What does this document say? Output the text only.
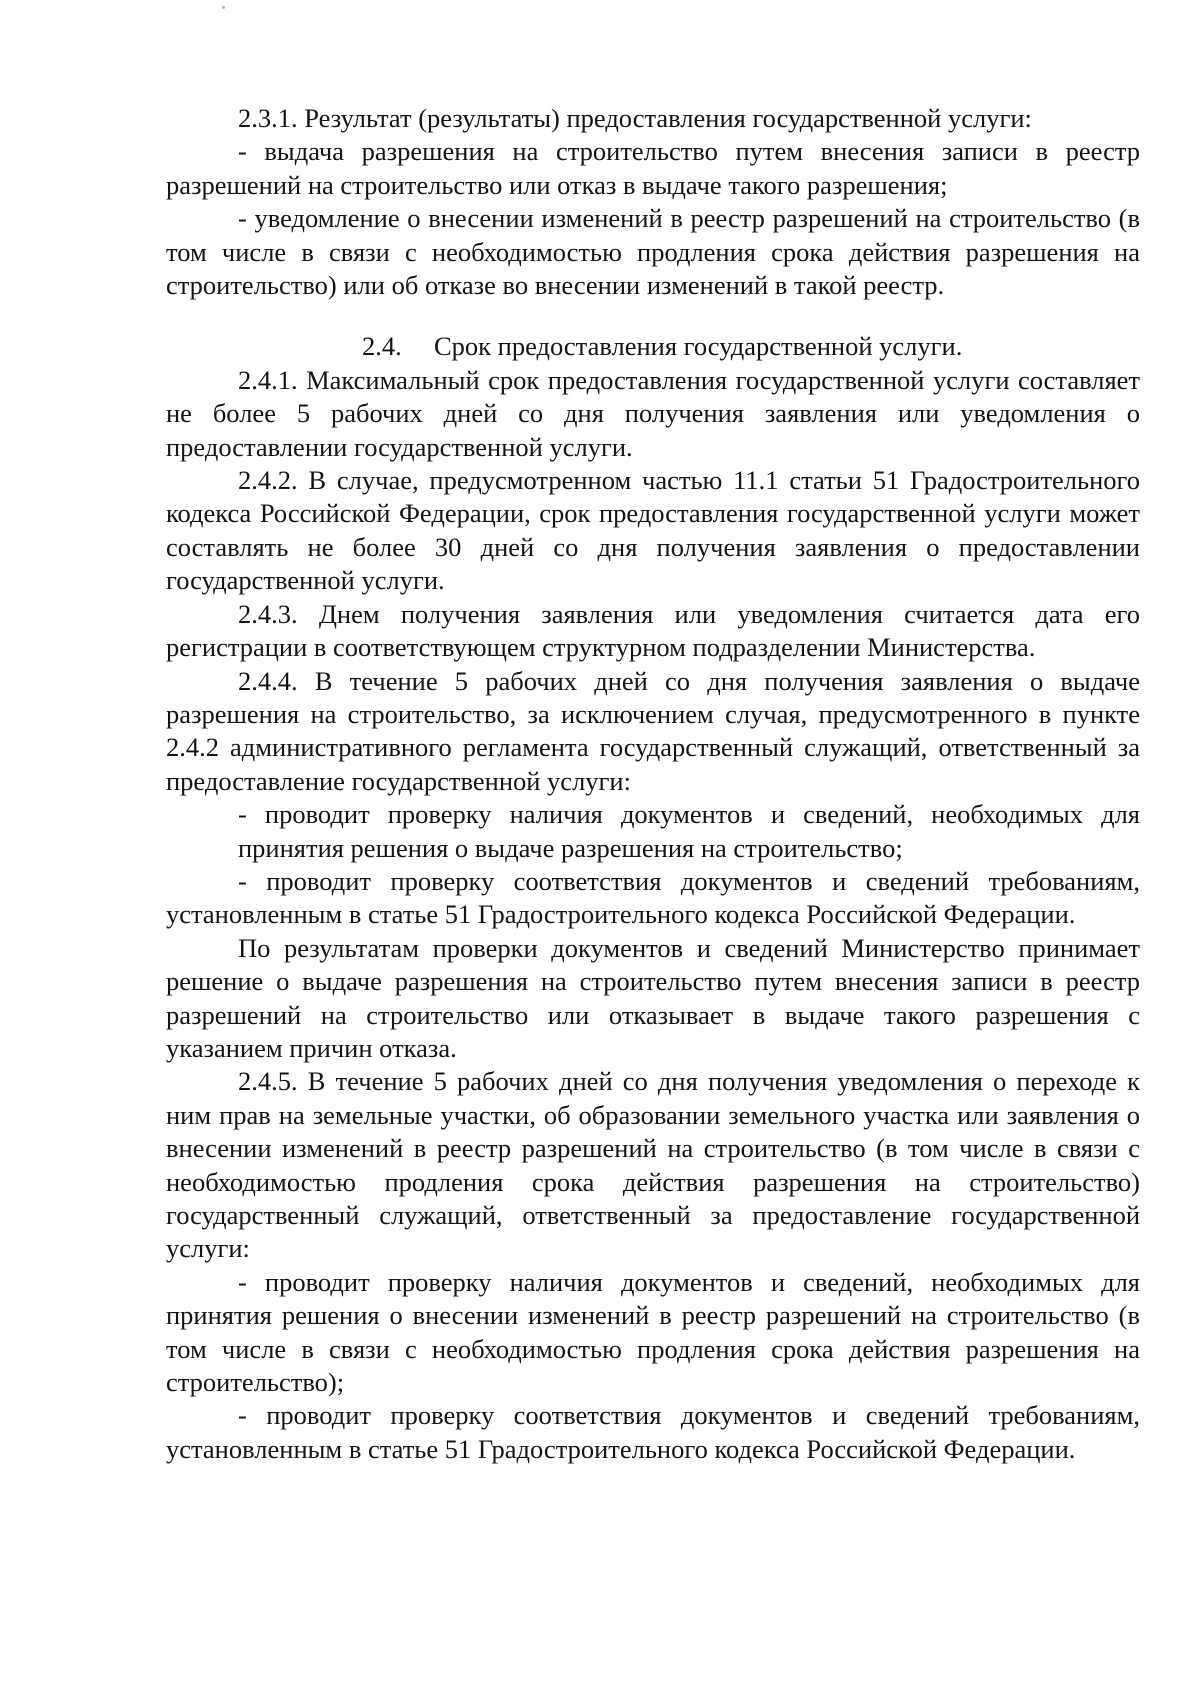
2.3.1. Результат (результаты) предоставления государственной услуги:

- выдача разрешения на строительство путем внесения записи в реестр разрешений на строительство или отказ в выдаче такого разрешения;

- уведомление о внесении изменений в реестр разрешений на строительство (в том числе в связи с необходимостью продления срока действия разрешения на строительство) или об отказе во внесении изменений в такой реестр.

2.4. Срок предоставления государственной услуги.

2.4.1. Максимальный срок предоставления государственной услуги составляет не более 5 рабочих дней со дня получения заявления или уведомления о предоставлении государственной услуги.

2.4.2. В случае, предусмотренном частью 11.1 статьи 51 Градостроительного кодекса Российской Федерации, срок предоставления государственной услуги может составлять не более 30 дней со дня получения заявления о предоставлении государственной услуги.

2.4.3. Днем получения заявления или уведомления считается дата его регистрации в соответствующем структурном подразделении Министерства.

2.4.4. В течение 5 рабочих дней со дня получения заявления о выдаче разрешения на строительство, за исключением случая, предусмотренного в пункте 2.4.2 административного регламента государственный служащий, ответственный за предоставление государственной услуги:

- проводит проверку наличия документов и сведений, необходимых для принятия решения о выдаче разрешения на строительство;

- проводит проверку соответствия документов и сведений требованиям, установленным в статье 51 Градостроительного кодекса Российской Федерации.

По результатам проверки документов и сведений Министерство принимает решение о выдаче разрешения на строительство путем внесения записи в реестр разрешений на строительство или отказывает в выдаче такого разрешения с указанием причин отказа.

2.4.5. В течение 5 рабочих дней со дня получения уведомления о переходе к ним прав на земельные участки, об образовании земельного участка или заявления о внесении изменений в реестр разрешений на строительство (в том числе в связи с необходимостью продления срока действия разрешения на строительство) государственный служащий, ответственный за предоставление государственной услуги:

- проводит проверку наличия документов и сведений, необходимых для принятия решения о внесении изменений в реестр разрешений на строительство (в том числе в связи с необходимостью продления срока действия разрешения на строительство);

- проводит проверку соответствия документов и сведений требованиям, установленным в статье 51 Градостроительного кодекса Российской Федерации.
